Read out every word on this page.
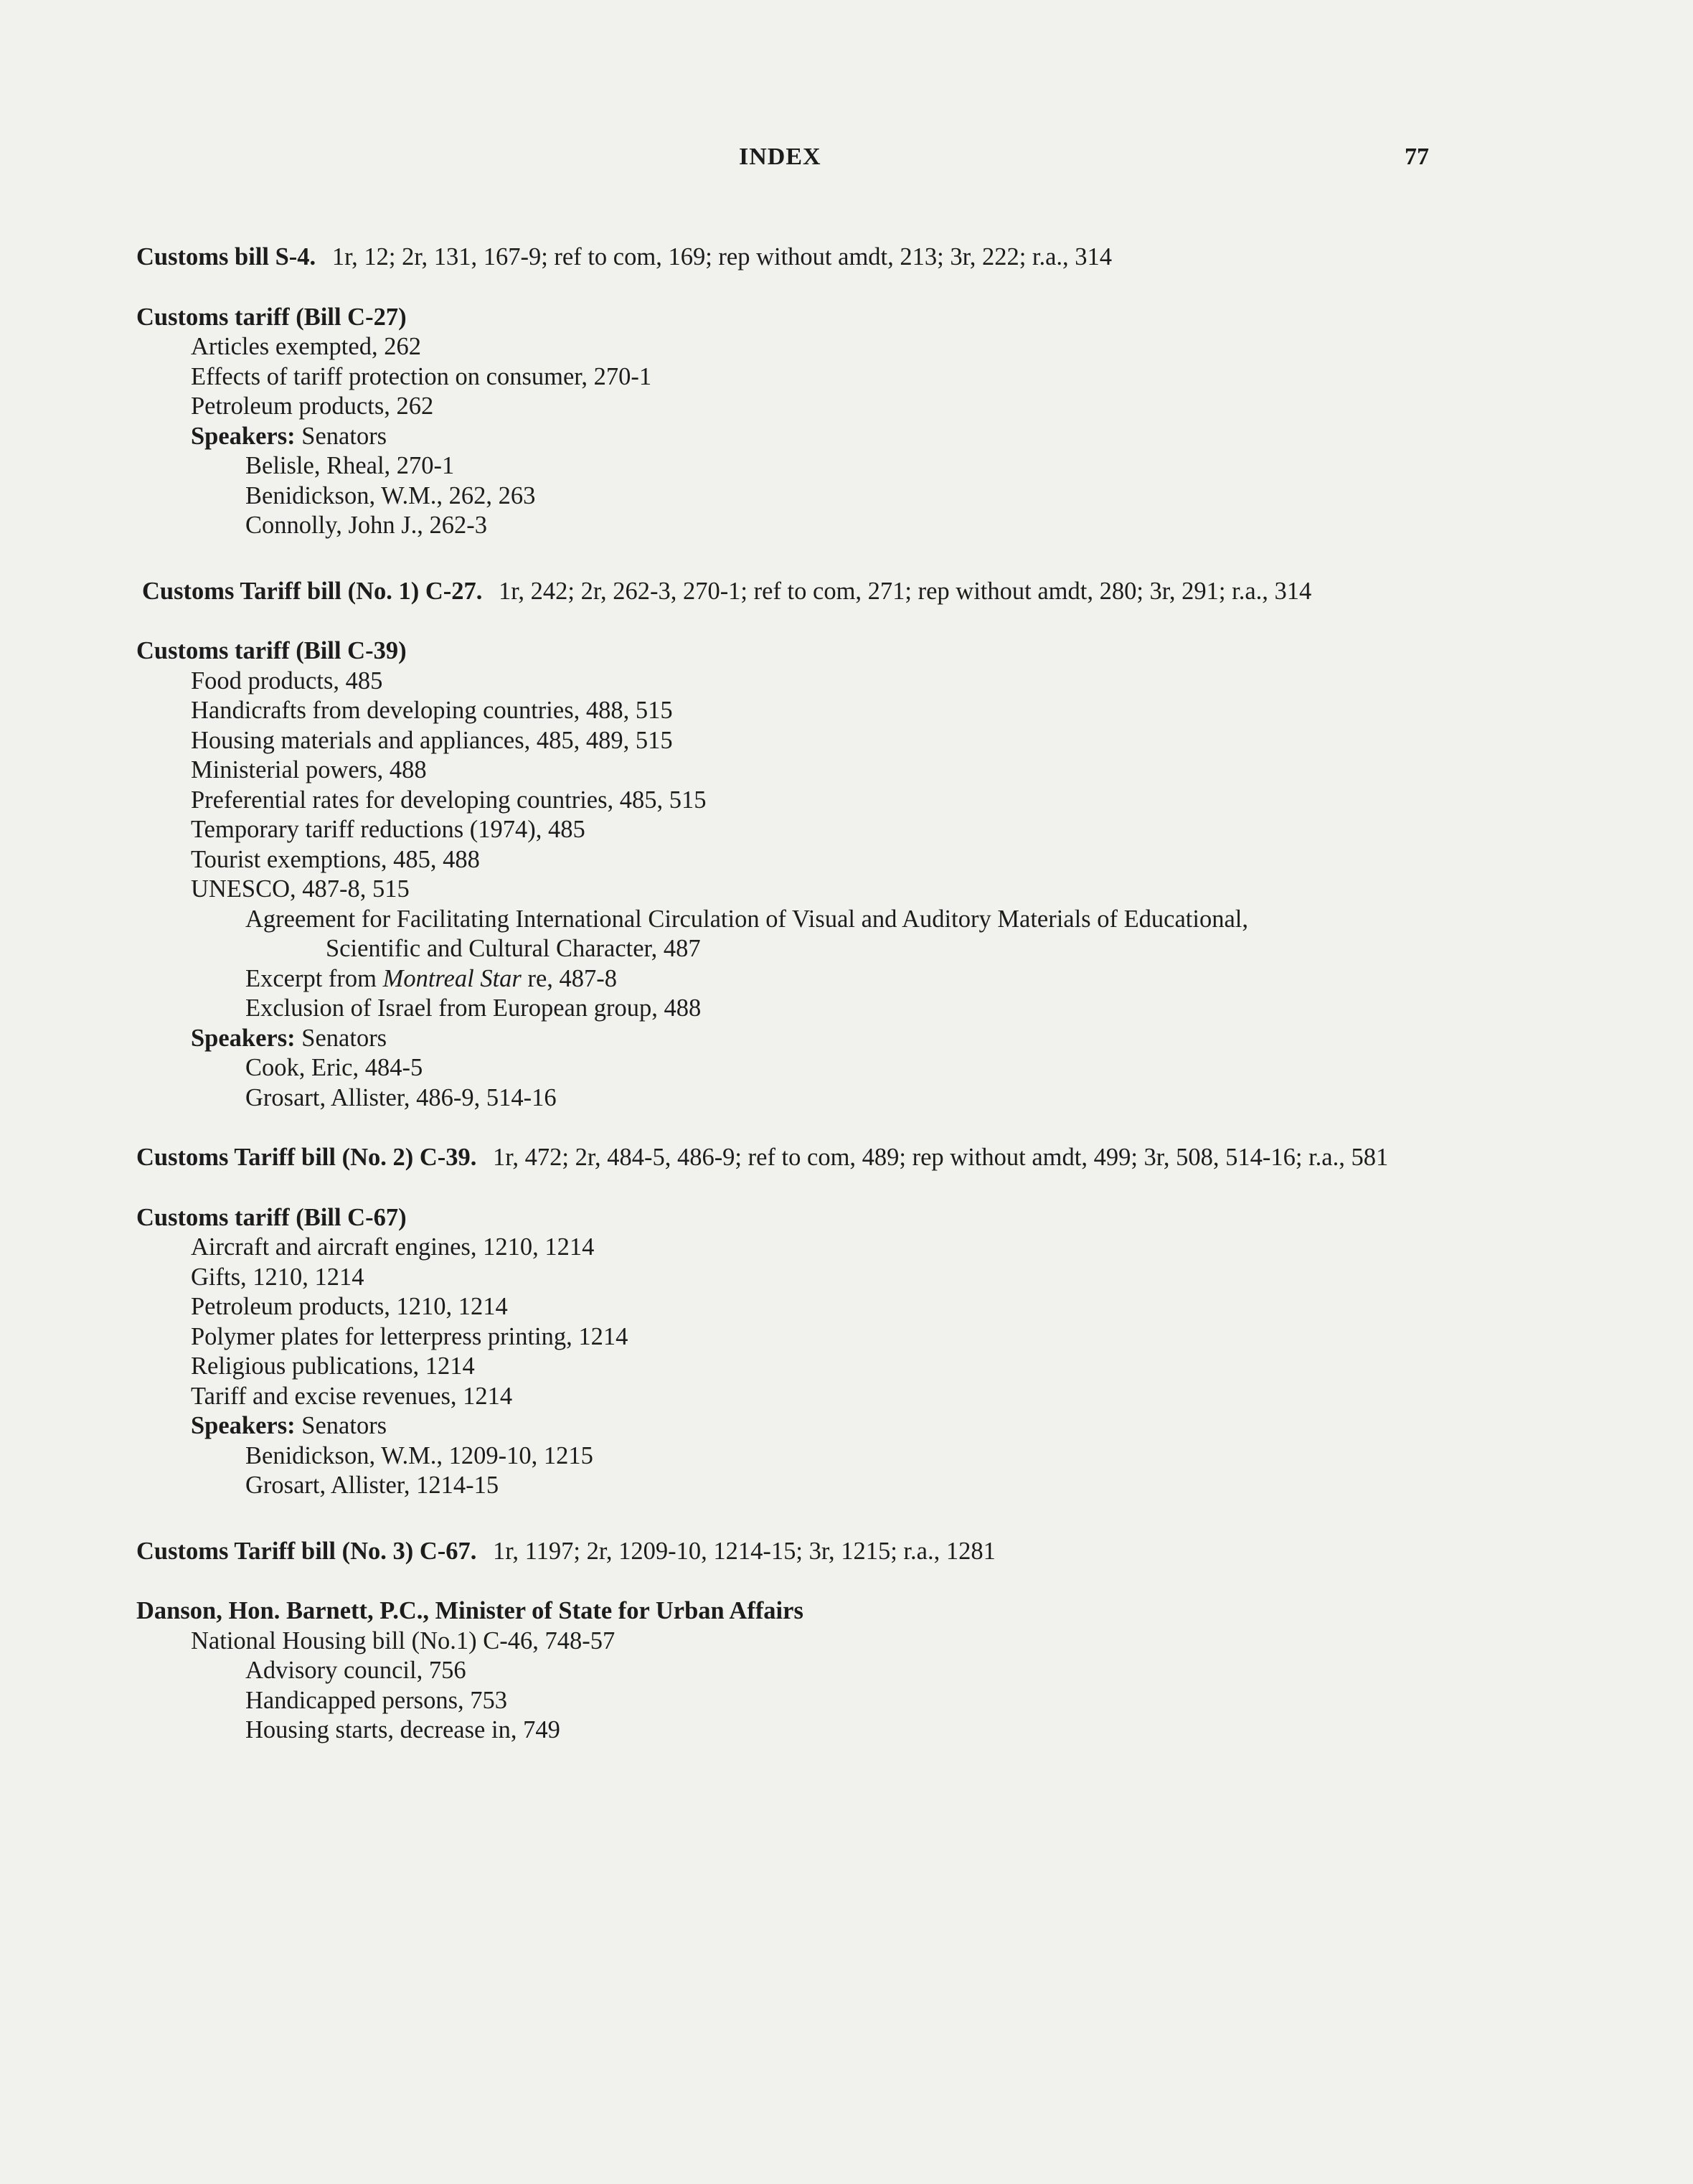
INDEX	77
Customs bill S-4. 1r, 12; 2r, 131, 167-9; ref to com, 169; rep without amdt, 213; 3r, 222; r.a., 314
Customs tariff (Bill C-27)
Articles exempted, 262
Effects of tariff protection on consumer, 270-1
Petroleum products, 262
Speakers: Senators
Belisle, Rheal, 270-1
Benidickson, W.M., 262, 263
Connolly, John J., 262-3
Customs Tariff bill (No. 1) C-27. 1r, 242; 2r, 262-3, 270-1; ref to com, 271; rep without amdt, 280; 3r, 291; r.a., 314
Customs tariff (Bill C-39)
Food products, 485
Handicrafts from developing countries, 488, 515
Housing materials and appliances, 485, 489, 515
Ministerial powers, 488
Preferential rates for developing countries, 485, 515
Temporary tariff reductions (1974), 485
Tourist exemptions, 485, 488
UNESCO, 487-8, 515
Agreement for Facilitating International Circulation of Visual and Auditory Materials of Educational,
Scientific and Cultural Character, 487
Excerpt from Montreal Star re, 487-8
Exclusion of Israel from European group, 488
Speakers: Senators
Cook, Eric, 484-5
Grosart, Allister, 486-9, 514-16
Customs Tariff bill (No. 2) C-39. 1r, 472; 2r, 484-5, 486-9; ref to com, 489; rep without amdt, 499; 3r, 508, 514-16; r.a., 581
Customs tariff (Bill C-67)
Aircraft and aircraft engines, 1210, 1214
Gifts, 1210, 1214
Petroleum products, 1210, 1214
Polymer plates for letterpress printing, 1214
Religious publications, 1214
Tariff and excise revenues, 1214
Speakers: Senators
Benidickson, W.M., 1209-10, 1215
Grosart, Allister, 1214-15
Customs Tariff bill (No. 3) C-67. 1r, 1197; 2r, 1209-10, 1214-15; 3r, 1215; r.a., 1281
Danson, Hon. Barnett, P.C., Minister of State for Urban Affairs
National Housing bill (No.1) C-46, 748-57
Advisory council, 756
Handicapped persons, 753
Housing starts, decrease in, 749
